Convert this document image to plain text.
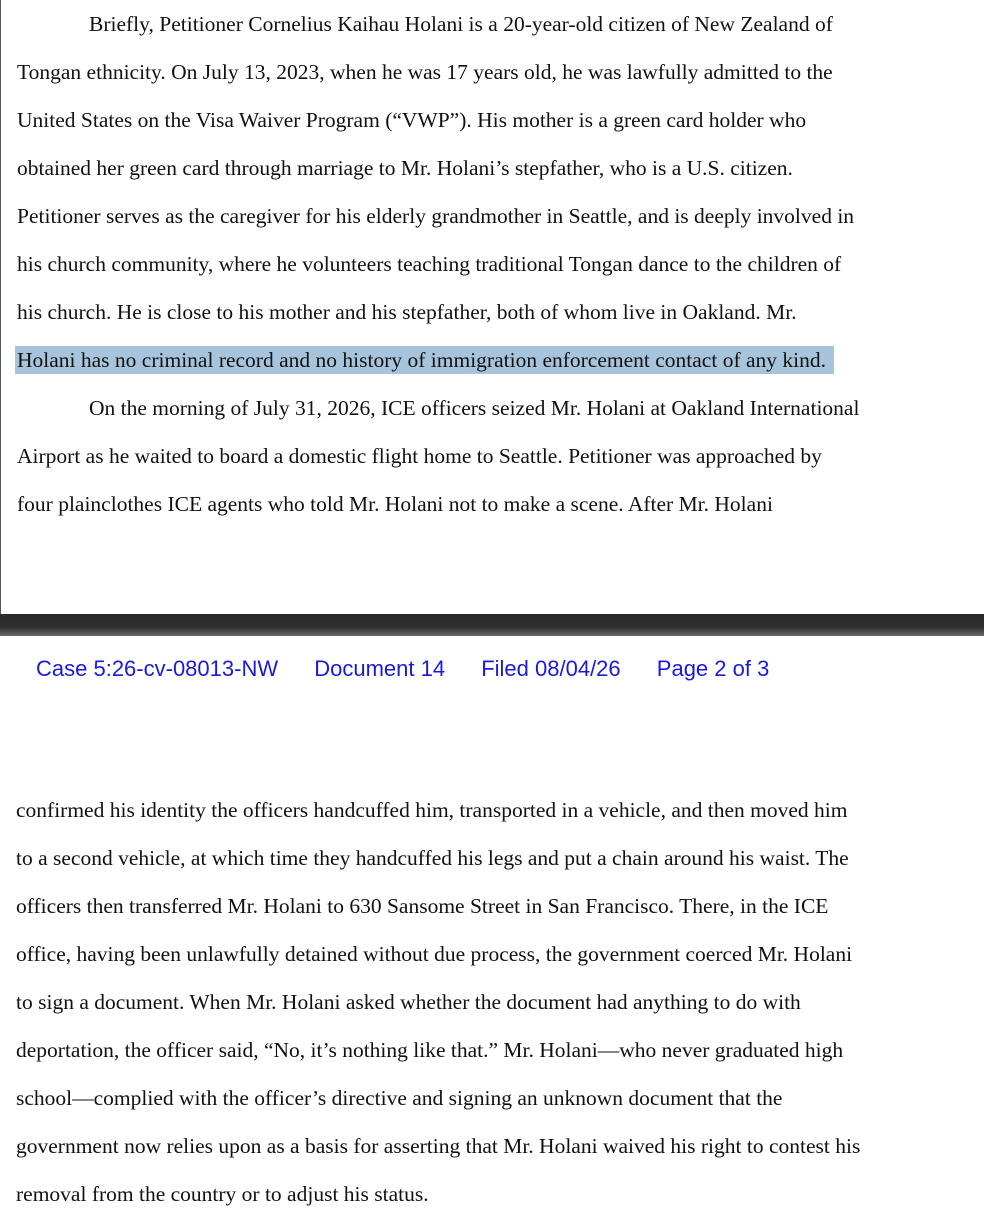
Briefly, Petitioner Cornelius Kaihau Holani is a 20-year-old citizen of New Zealand of
Tongan ethnicity. On July 13, 2023, when he was 17 years old, he was lawfully admitted to the
United States on the Visa Waiver Program (“VWP”). His mother is a green card holder who
obtained her green card through marriage to Mr. Holani’s stepfather, who is a U.S. citizen.
Petitioner serves as the caregiver for his elderly grandmother in Seattle, and is deeply involved in
his church community, where he volunteers teaching traditional Tongan dance to the children of
his church. He is close to his mother and his stepfather, both of whom live in Oakland. Mr.
Holani has no criminal record and no history of immigration enforcement contact of any kind.
On the morning of July 31, 2026, ICE officers seized Mr. Holani at Oakland International
Airport as he waited to board a domestic flight home to Seattle. Petitioner was approached by
four plainclothes ICE agents who told Mr. Holani not to make a scene. After Mr. Holani
Case 5:26-cv-08013-NW Document 14 Filed 08/04/26 Page 2 of 3
confirmed his identity the officers handcuffed him, transported in a vehicle, and then moved him
to a second vehicle, at which time they handcuffed his legs and put a chain around his waist. The
officers then transferred Mr. Holani to 630 Sansome Street in San Francisco. There, in the ICE
office, having been unlawfully detained without due process, the government coerced Mr. Holani
to sign a document. When Mr. Holani asked whether the document had anything to do with
deportation, the officer said, “No, it’s nothing like that.” Mr. Holani—who never graduated high
school—complied with the officer’s directive and signing an unknown document that the
government now relies upon as a basis for asserting that Mr. Holani waived his right to contest his
removal from the country or to adjust his status.
